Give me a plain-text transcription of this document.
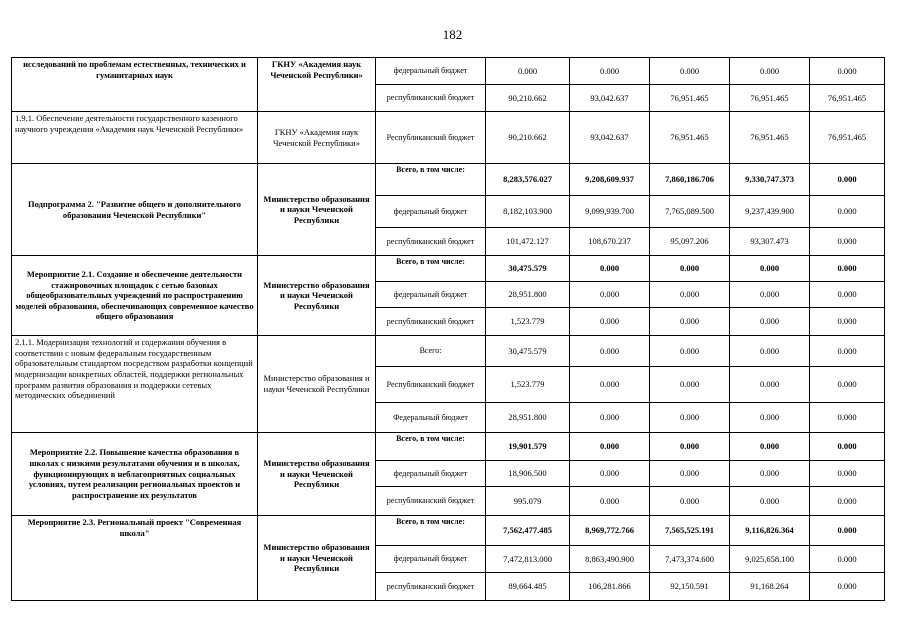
182
исследований по проблемам естественных, технических и гуманитарных наук	ГКНУ «Академия наук Чеченской Республики»	федеральный бюджет	0.000	0.000	0.000	0.000	0.000
		республиканский бюджет	90,210.662	93,042.637	76,951.465	76,951.465	76,951.465
1.9.1. Обеспечение деятельности государственного казенного научного учреждения «Академия наук Чеченской Республики»	ГКНУ «Академия наук Чеченской Республики»	Республиканский бюджет	90,210.662	93,042.637	76,951.465	76,951.465	76,951.465
Подпрограмма 2. "Развитие общего и дополнительного образования Чеченской Республики"	Министерство образования и науки Чеченской Республики	Всего, в том числе:	8,283,576.027	9,208,609.937	7,860,186.706	9,330,747.373	0.000
		федеральный бюджет	8,182,103.900	9,099,939.700	7,765,089.500	9,237,439.900	0.000
		республиканский бюджет	101,472.127	108,670.237	95,097.206	93,307.473	0.000
Мероприятие 2.1. Создание и обеспечение деятельности стажировочных площадок с сетью базовых общеобразовательных учреждений по распространению моделей образования, обеспечивающих современное качество общего образования	Министерство образования и науки Чеченской Республики	Всего, в том числе:	30,475.579	0.000	0.000	0.000	0.000
		федеральный бюджет	28,951.800	0.000	0.000	0.000	0.000
		республиканский бюджет	1,523.779	0.000	0.000	0.000	0.000
2.1.1. Модернизация технологий и содержания обучения в соответствии с новым федеральным государственным образовательным стандартом посредством разработки концепций модернизации конкретных областей, поддержки региональных программ развития образования и поддержки сетевых методических объединений	Министерство образования и науки Чеченской Республики	Всего:	30,475.579	0.000	0.000	0.000	0.000
		Республиканский бюджет	1,523.779	0.000	0.000	0.000	0.000
		Федеральный бюджет	28,951.800	0.000	0.000	0.000	0.000
Мероприятие 2.2. Повышение качества образования в школах с низкими результатами обучения и в школах, функционирующих в неблагоприятных социальных условиях, путем реализации региональных проектов и распространение их результатов	Министерство образования и науки Чеченской Республики	Всего, в том числе:	19,901.579	0.000	0.000	0.000	0.000
		федеральный бюджет	18,906.500	0.000	0.000	0.000	0.000
		республиканский бюджет	995.079	0.000	0.000	0.000	0.000
Мероприятие 2.3. Региональный проект "Современная школа"	Министерство образования и науки Чеченской Республики	Всего, в том числе:	7,562,477.485	8,969,772.766	7,565,525.191	9,116,826.364	0.000
		федеральный бюджет	7,472,813.000	8,863,490.900	7,473,374.600	9,025,658.100	0.000
		республиканский бюджет	89,664.485	106,281.866	92,150.591	91,168.264	0.000
